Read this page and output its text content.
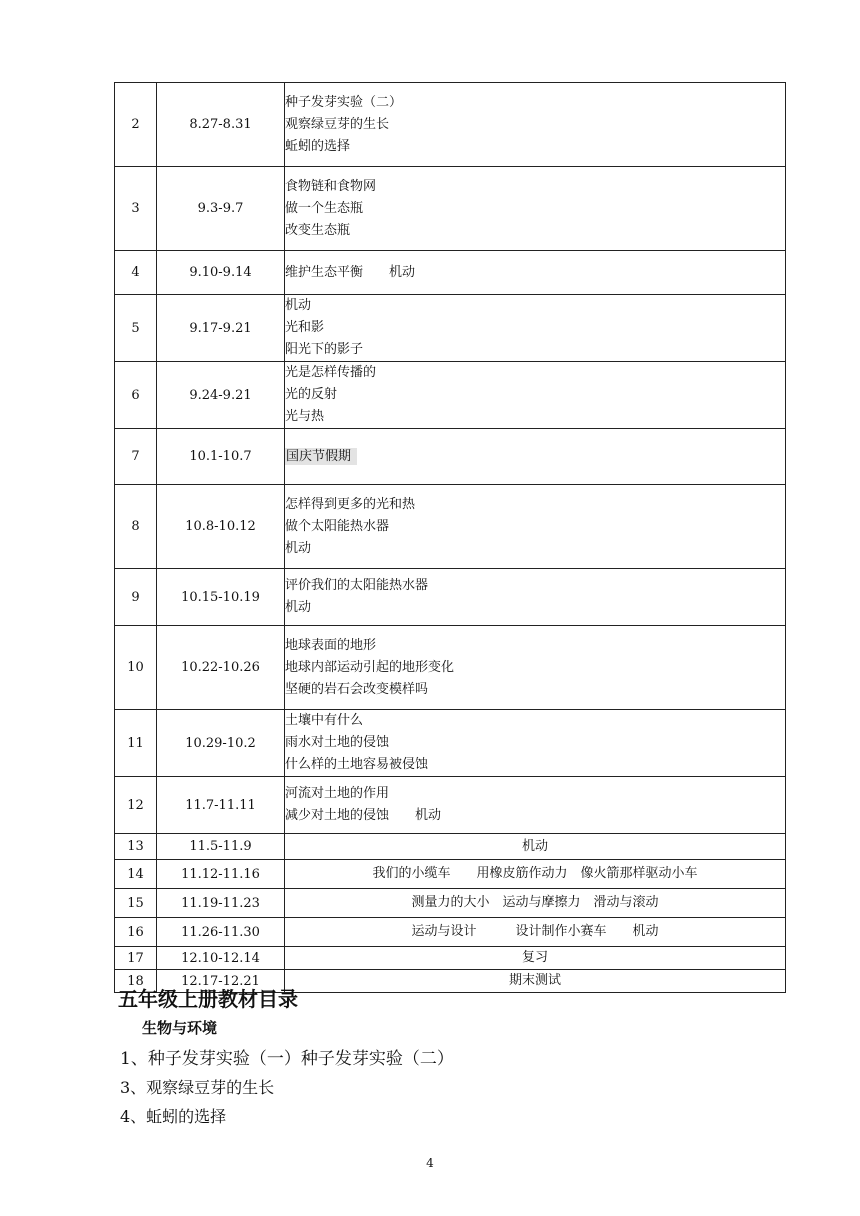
2	8.27-8.31	种子发芽实验（二）
观察绿豆芽的生长
蚯蚓的选择

3	9.3-9.7	食物链和食物网
做一个生态瓶
改变生态瓶

4	9.10-9.14	维护生态平衡　　机动

5	9.17-9.21	机动
光和影
阳光下的影子

6	9.24-9.21	光是怎样传播的
光的反射
光与热

7	10.1-10.7	国庆节假期

8	10.8-10.12	怎样得到更多的光和热
做个太阳能热水器
机动

9	10.15-10.19	评价我们的太阳能热水器
机动

10	10.22-10.26	地球表面的地形
地球内部运动引起的地形变化
坚硬的岩石会改变模样吗

11	10.29-10.2	土壤中有什么
雨水对土地的侵蚀
什么样的土地容易被侵蚀

12	11.7-11.11	河流对土地的作用
减少对土地的侵蚀　　机动

13	11.5-11.9	机动
14	11.12-11.16	我们的小缆车　　用橡皮筋作动力　像火箭那样驱动小车
15	11.19-11.23	测量力的大小　运动与摩擦力　滑动与滚动
16	11.26-11.30	运动与设计　　　设计制作小赛车　　机动
17	12.10-12.14	复习
18	12.17-12.21	期末测试
五年级上册教材目录
生物与环境
1、种子发芽实验（一）种子发芽实验（二）
3、观察绿豆芽的生长
4、蚯蚓的选择
4
